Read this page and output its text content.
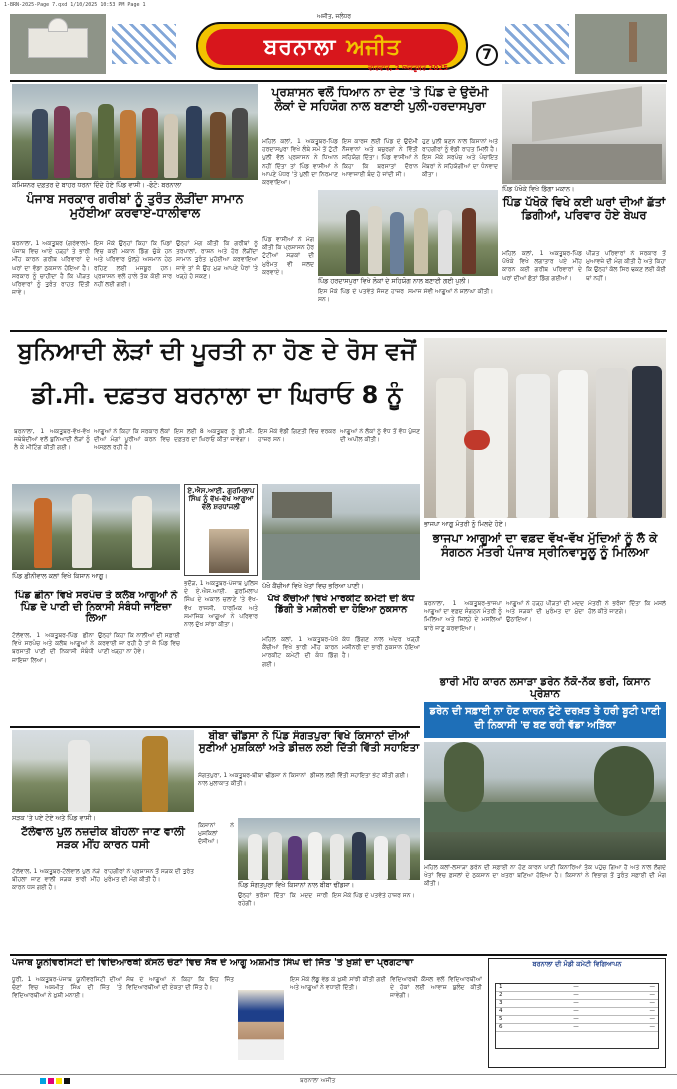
1-BRN-2025-Page 7.qxd 1/10/2025 10:53 PM Page 1
ਅਜੀਤ, ਜਲੰਧਰ
ਬਰਨਾਲਾ ਅਜੀਤ
ਵੀਰਵਾਰ, 2 ਅਕਤੂਬਰ 2025
7
ਕਮਿਸ਼ਨਰ ਦਫ਼ਤਰ ਦੇ ਬਾਹਰ ਧਰਨਾ ਦਿੰਦੇ ਹੋਏ ਪਿੰਡ ਵਾਸੀ। -ਫੋਟੋ: ਬਰਨਾਲਾ
ਪੰਜਾਬ ਸਰਕਾਰ ਗਰੀਬਾਂ ਨੂੰ ਤੁਰੰਤ ਲੋੜੀਂਦਾ ਸਾਮਾਨ ਮੁਹੱਈਆ ਕਰਵਾਏ-ਧਾਲੀਵਾਲ
ਬਰਨਾਲਾ, 1 ਅਕਤੂਬਰ (ਗਰੇਵਾਲ)-ਪੰਜਾਬ ਵਿਚ ਆਏ ਹੜ੍ਹਾਂ ਤੇ ਭਾਰੀ ਮੀਂਹ ਕਾਰਨ ਗਰੀਬ ਪਰਿਵਾਰਾਂ ਦੇ ਘਰਾਂ ਦਾ ਵੱਡਾ ਨੁਕਸਾਨ ਹੋਇਆ ਹੈ। ਸਰਕਾਰ ਨੂੰ ਚਾਹੀਦਾ ਹੈ ਕਿ ਪੀੜਤ ਪਰਿਵਾਰਾਂ ਨੂੰ ਤੁਰੰਤ ਰਾਹਤ ਦਿੱਤੀ ਜਾਵੇ।
ਇਸ ਮੌਕੇ ਉਨ੍ਹਾਂ ਕਿਹਾ ਕਿ ਪਿੰਡਾਂ ਵਿਚ ਕਈ ਮਕਾਨ ਡਿੱਗ ਚੁੱਕੇ ਹਨ ਅਤੇ ਪਰਿਵਾਰ ਖੁੱਲ੍ਹੇ ਅਸਮਾਨ ਹੇਠ ਰਹਿਣ ਲਈ ਮਜਬੂਰ ਹਨ। ਪ੍ਰਸ਼ਾਸਨ ਵਲੋਂ ਹਾਲੇ ਤੱਕ ਕੋਈ ਸਾਰ ਨਹੀਂ ਲਈ ਗਈ।
ਉਨ੍ਹਾਂ ਮੰਗ ਕੀਤੀ ਕਿ ਗਰੀਬਾਂ ਨੂੰ ਤਰਪਾਲਾਂ, ਰਾਸ਼ਨ ਅਤੇ ਹੋਰ ਲੋੜੀਂਦਾ ਸਾਮਾਨ ਤੁਰੰਤ ਮੁਹੱਈਆ ਕਰਵਾਇਆ ਜਾਵੇ ਤਾਂ ਜੋ ਉਹ ਮੁੜ ਆਪਣੇ ਪੈਰਾਂ 'ਤੇ ਖੜ੍ਹੇ ਹੋ ਸਕਣ।
ਪ੍ਰਸ਼ਾਸਨ ਵਲੋਂ ਧਿਆਨ ਨਾ ਦੇਣ 'ਤੇ ਪਿੰਡ ਦੇ ਉਦੱਮੀ ਲੋਕਾਂ ਦੇ ਸਹਿਯੋਗ ਨਾਲ ਬਣਾਈ ਪੁਲੀ-ਹਰਦਾਸਪੁਰਾ
ਮਹਿਲ ਕਲਾਂ, 1 ਅਕਤੂਬਰ-ਪਿੰਡ ਹਰਦਾਸਪੁਰਾ ਵਿਖੇ ਲੰਬੇ ਸਮੇਂ ਤੋਂ ਟੁੱਟੀ ਪੁਲੀ ਵੱਲ ਪ੍ਰਸ਼ਾਸਨ ਨੇ ਧਿਆਨ ਨਹੀਂ ਦਿੱਤਾ ਤਾਂ ਪਿੰਡ ਵਾਸੀਆਂ ਨੇ ਆਪਣੇ ਪੱਧਰ 'ਤੇ ਪੁਲੀ ਦਾ ਨਿਰਮਾਣ ਕਰਵਾਇਆ।
ਇਸ ਕਾਰਜ ਲਈ ਪਿੰਡ ਦੇ ਉਦੱਮੀ ਨੌਜਵਾਨਾਂ ਅਤੇ ਬਜ਼ੁਰਗਾਂ ਨੇ ਵਿੱਤੀ ਸਹਿਯੋਗ ਦਿੱਤਾ। ਪਿੰਡ ਵਾਸੀਆਂ ਨੇ ਕਿਹਾ ਕਿ ਬਰਸਾਤਾਂ ਦੌਰਾਨ ਆਵਾਜਾਈ ਬੰਦ ਹੋ ਜਾਂਦੀ ਸੀ।
ਹੁਣ ਪੁਲੀ ਬਣਨ ਨਾਲ ਕਿਸਾਨਾਂ ਅਤੇ ਰਾਹਗੀਰਾਂ ਨੂੰ ਵੱਡੀ ਰਾਹਤ ਮਿਲੀ ਹੈ। ਇਸ ਮੌਕੇ ਸਰਪੰਚ ਅਤੇ ਪੰਚਾਇਤ ਮੈਂਬਰਾਂ ਨੇ ਸਹਿਯੋਗੀਆਂ ਦਾ ਧੰਨਵਾਦ ਕੀਤਾ।
ਪਿੰਡ ਹਰਦਾਸਪੁਰਾ ਵਿਖੇ ਲੋਕਾਂ ਦੇ ਸਹਿਯੋਗ ਨਾਲ ਬਣਾਈ ਗਈ ਪੁਲੀ।
ਪਿੰਡ ਵਾਸੀਆਂ ਨੇ ਮੰਗ ਕੀਤੀ ਕਿ ਪ੍ਰਸ਼ਾਸਨ ਹੋਰ ਟੁੱਟੀਆਂ ਸੜਕਾਂ ਦੀ ਮੁਰੰਮਤ ਵੀ ਜਲਦ ਕਰਵਾਏ।
ਇਸ ਮੌਕੇ ਪਿੰਡ ਦੇ ਪਤਵੰਤੇ ਸੱਜਣ ਹਾਜ਼ਰ ਸਨ।
ਸਮਾਜ ਸੇਵੀ ਆਗੂਆਂ ਨੇ ਸ਼ਲਾਘਾ ਕੀਤੀ।
ਪਿੰਡ ਪੱਖੋਕੇ ਵਿਖੇ ਡਿੱਗਾ ਮਕਾਨ।
ਪਿੰਡ ਪੱਖੋਕੇ ਵਿਖੇ ਕਈ ਘਰਾਂ ਦੀਆਂ ਛੱਤਾਂ ਡਿਗੀਆਂ, ਪਰਿਵਾਰ ਹੋਏ ਬੇਘਰ
ਮਹਿਲ ਕਲਾਂ, 1 ਅਕਤੂਬਰ-ਪਿੰਡ ਪੱਖੋਕੇ ਵਿਖੇ ਲਗਾਤਾਰ ਪਏ ਮੀਂਹ ਕਾਰਨ ਕਈ ਗਰੀਬ ਪਰਿਵਾਰਾਂ ਦੇ ਘਰਾਂ ਦੀਆਂ ਛੱਤਾਂ ਡਿੱਗ ਗਈਆਂ।
ਪੀੜਤ ਪਰਿਵਾਰਾਂ ਨੇ ਸਰਕਾਰ ਤੋਂ ਮੁਆਵਜ਼ੇ ਦੀ ਮੰਗ ਕੀਤੀ ਹੈ ਅਤੇ ਕਿਹਾ ਕਿ ਉਨ੍ਹਾਂ ਕੋਲ ਸਿਰ ਢਕਣ ਲਈ ਕੋਈ ਥਾਂ ਨਹੀਂ।
ਬੁਨਿਆਦੀ ਲੋੜਾਂ ਦੀ ਪੂਰਤੀ ਨਾ ਹੋਣ ਦੇ ਰੋਸ ਵਜੋਂ
ਡੀ.ਸੀ. ਦਫ਼ਤਰ ਬਰਨਾਲਾ ਦਾ ਘਿਰਾਓ 8 ਨੂੰ
ਬਰਨਾਲਾ, 1 ਅਕਤੂਬਰ-ਵੱਖ-ਵੱਖ ਜਥੇਬੰਦੀਆਂ ਵਲੋਂ ਬੁਨਿਆਦੀ ਲੋੜਾਂ ਨੂੰ ਲੈ ਕੇ ਮੀਟਿੰਗ ਕੀਤੀ ਗਈ।
ਆਗੂਆਂ ਨੇ ਕਿਹਾ ਕਿ ਸਰਕਾਰ ਲੋਕਾਂ ਦੀਆਂ ਮੰਗਾਂ ਪੂਰੀਆਂ ਕਰਨ ਵਿਚ ਅਸਫ਼ਲ ਰਹੀ ਹੈ।
ਇਸ ਲਈ 8 ਅਕਤੂਬਰ ਨੂੰ ਡੀ.ਸੀ. ਦਫ਼ਤਰ ਦਾ ਘਿਰਾਓ ਕੀਤਾ ਜਾਵੇਗਾ।
ਇਸ ਮੌਕੇ ਵੱਡੀ ਗਿਣਤੀ ਵਿਚ ਵਰਕਰ ਹਾਜ਼ਰ ਸਨ।
ਆਗੂਆਂ ਨੇ ਲੋਕਾਂ ਨੂੰ ਵੱਧ ਤੋਂ ਵੱਧ ਪੁੱਜਣ ਦੀ ਅਪੀਲ ਕੀਤੀ।
ਭਾਜਪਾ ਆਗੂ ਮੰਤਰੀ ਨੂੰ ਮਿਲਦੇ ਹੋਏ।
ਭਾਜਪਾ ਆਗੂਆਂ ਦਾ ਵਫ਼ਦ ਵੱਖ-ਵੱਖ ਮੁੱਦਿਆਂ ਨੂੰ ਲੈ ਕੇ ਸੰਗਠਨ ਮੰਤਰੀ ਪੰਜਾਬ ਸ੍ਰੀਨਿਵਾਸੂਲੂ ਨੂੰ ਮਿਲਿਆ
ਬਰਨਾਲਾ, 1 ਅਕਤੂਬਰ-ਭਾਜਪਾ ਆਗੂਆਂ ਦਾ ਵਫ਼ਦ ਸੰਗਠਨ ਮੰਤਰੀ ਨੂੰ ਮਿਲਿਆ ਅਤੇ ਜ਼ਿਲ੍ਹੇ ਦੇ ਮਸਲਿਆਂ ਬਾਰੇ ਜਾਣੂ ਕਰਵਾਇਆ।
ਆਗੂਆਂ ਨੇ ਹੜ੍ਹ ਪੀੜਤਾਂ ਦੀ ਮਦਦ ਅਤੇ ਸੜਕਾਂ ਦੀ ਮੁਰੰਮਤ ਦਾ ਮੁੱਦਾ ਉਠਾਇਆ।
ਮੰਤਰੀ ਨੇ ਭਰੋਸਾ ਦਿੱਤਾ ਕਿ ਮਸਲੇ ਹੱਲ ਕੀਤੇ ਜਾਣਗੇ।
ਭਾਰੀ ਮੀਂਹ ਕਾਰਨ ਲਸਾੜਾ ਡਰੇਨ ਨੱਕੋ-ਨੱਕ ਭਰੀ, ਕਿਸਾਨ ਪ੍ਰੇਸ਼ਾਨ
ਡਰੇਨ ਦੀ ਸਫ਼ਾਈ ਨਾ ਹੋਣ ਕਾਰਨ ਟੁੱਟੇ ਦਰਖ਼ਤ ਤੇ ਹਰੀ ਬੂਟੀ ਪਾਣੀ ਦੀ ਨਿਕਾਸੀ 'ਚ ਬਣ ਰਹੀ ਵੱਡਾ ਅੜਿੱਕਾ
ਮਹਿਲ ਕਲਾਂ-ਲਸਾੜਾ ਡਰੇਨ ਦੀ ਸਫ਼ਾਈ ਨਾ ਹੋਣ ਕਾਰਨ ਪਾਣੀ ਕਿਨਾਰਿਆਂ ਤੱਕ ਪਹੁੰਚ ਗਿਆ ਹੈ ਅਤੇ ਨਾਲ ਲੱਗਦੇ ਖੇਤਾਂ ਵਿਚ ਫ਼ਸਲਾਂ ਦੇ ਨੁਕਸਾਨ ਦਾ ਖ਼ਤਰਾ ਬਣਿਆ ਹੋਇਆ ਹੈ। ਕਿਸਾਨਾਂ ਨੇ ਵਿਭਾਗ ਤੋਂ ਤੁਰੰਤ ਸਫ਼ਾਈ ਦੀ ਮੰਗ ਕੀਤੀ।
ਪਿੰਡ ਛੀਨੀਵਾਲ ਕਲਾਂ ਵਿਖੇ ਕਿਸਾਨ ਆਗੂ।
ਪਿੰਡ ਛੀਨਾ ਵਿਖੇ ਸਰਪੰਚ ਤੇ ਕਲੱਬ ਆਗੂਆਂ ਨੇ ਪਿੰਡ ਦੇ ਪਾਣੀ ਦੀ ਨਿਕਾਸੀ ਸੰਬੰਧੀ ਜਾਇਜ਼ਾ ਲਿਆ
ਟੱਲੇਵਾਲ, 1 ਅਕਤੂਬਰ-ਪਿੰਡ ਛੀਨਾ ਵਿਖੇ ਸਰਪੰਚ ਅਤੇ ਕਲੱਬ ਆਗੂਆਂ ਨੇ ਬਰਸਾਤੀ ਪਾਣੀ ਦੀ ਨਿਕਾਸੀ ਸੰਬੰਧੀ ਜਾਇਜ਼ਾ ਲਿਆ।
ਉਨ੍ਹਾਂ ਕਿਹਾ ਕਿ ਨਾਲੀਆਂ ਦੀ ਸਫ਼ਾਈ ਕਰਵਾਈ ਜਾ ਰਹੀ ਹੈ ਤਾਂ ਜੋ ਪਿੰਡ ਵਿਚ ਪਾਣੀ ਖੜ੍ਹਾ ਨਾ ਹੋਵੇ।
ਏ.ਐਸ.ਆਈ. ਗੁਰਮਿਲਾਪ ਸਿੰਘ ਨੂੰ ਵੱਖ-ਵੱਖ ਆਗੂਆਂ ਵੱਲੋਂ ਸ਼ਰਧਾਂਜਲੀ
ਭਦੌੜ, 1 ਅਕਤੂਬਰ-ਪੰਜਾਬ ਪੁਲਿਸ ਦੇ ਏ.ਐਸ.ਆਈ. ਗੁਰਮਿਲਾਪ ਸਿੰਘ ਦੇ ਅਕਾਲ ਚਲਾਣੇ 'ਤੇ ਵੱਖ-ਵੱਖ ਰਾਜਸੀ, ਧਾਰਮਿਕ ਅਤੇ ਸਮਾਜਿਕ ਆਗੂਆਂ ਨੇ ਪਰਿਵਾਰ ਨਾਲ ਦੁੱਖ ਸਾਂਝਾ ਕੀਤਾ।
ਪੱਖੋ ਕੈਂਚੀਆਂ ਵਿਖੇ ਖੇਤਾਂ ਵਿਚ ਭਰਿਆ ਪਾਣੀ।
ਪੱਖੋ ਕੈਂਚੀਆਂ ਵਿਖੇ ਮਾਰਕੀਟ ਕਮੇਟੀ ਦੀ ਕੰਧ ਡਿੱਗੀ ਤੇ ਮਸ਼ੀਨਰੀ ਦਾ ਹੋਇਆ ਨੁਕਸਾਨ
ਮਹਿਲ ਕਲਾਂ, 1 ਅਕਤੂਬਰ-ਪੱਖੋ ਕੈਂਚੀਆਂ ਵਿਖੇ ਭਾਰੀ ਮੀਂਹ ਕਾਰਨ ਮਾਰਕੀਟ ਕਮੇਟੀ ਦੀ ਕੰਧ ਡਿੱਗ ਗਈ।
ਕੰਧ ਡਿੱਗਣ ਨਾਲ ਅੰਦਰ ਖੜ੍ਹੀ ਮਸ਼ੀਨਰੀ ਦਾ ਭਾਰੀ ਨੁਕਸਾਨ ਹੋਇਆ ਹੈ।
ਸੜਕ 'ਤੇ ਪਏ ਟੋਏ ਅਤੇ ਪਿੰਡ ਵਾਸੀ।
ਟੱਲੇਵਾਲ ਪੁਲ ਨਜ਼ਦੀਕ ਬੀਹਲਾ ਜਾਣ ਵਾਲੀ ਸੜਕ ਮੀਂਹ ਕਾਰਨ ਧਸੀ
ਟੱਲੇਵਾਲ, 1 ਅਕਤੂਬਰ-ਟੱਲੇਵਾਲ ਪੁਲ ਨੇੜੇ ਬੀਹਲਾ ਜਾਣ ਵਾਲੀ ਸੜਕ ਭਾਰੀ ਮੀਂਹ ਕਾਰਨ ਧਸ ਗਈ ਹੈ।
ਰਾਹਗੀਰਾਂ ਨੇ ਪ੍ਰਸ਼ਾਸਨ ਤੋਂ ਸੜਕ ਦੀ ਤੁਰੰਤ ਮੁਰੰਮਤ ਦੀ ਮੰਗ ਕੀਤੀ ਹੈ।
ਬੀਬਾ ਢੀਂਡਸਾ ਨੇ ਪਿੰਡ ਸੰਗਤਪੁਰਾ ਵਿਖੇ ਕਿਸਾਨਾਂ ਦੀਆਂ ਸੁਣੀਆਂ ਮੁਸ਼ਕਿਲਾਂ ਅਤੇ ਡੀਜ਼ਲ ਲਈ ਦਿੱਤੀ ਵਿੱਤੀ ਸਹਾਇਤਾ
ਸੰਗਤਪੁਰਾ, 1 ਅਕਤੂਬਰ-ਬੀਬਾ ਢੀਂਡਸਾ ਨੇ ਕਿਸਾਨਾਂ ਨਾਲ ਮੁਲਾਕਾਤ ਕੀਤੀ।
ਡੀਜ਼ਲ ਲਈ ਵਿੱਤੀ ਸਹਾਇਤਾ ਭੇਟ ਕੀਤੀ ਗਈ।
ਪਿੰਡ ਸੰਗਤਪੁਰਾ ਵਿਖੇ ਕਿਸਾਨਾਂ ਨਾਲ ਬੀਬਾ ਢੀਂਡਸਾ।
ਕਿਸਾਨਾਂ ਨੇ ਮੁਸ਼ਕਿਲਾਂ ਦੱਸੀਆਂ।
ਉਨ੍ਹਾਂ ਭਰੋਸਾ ਦਿੱਤਾ ਕਿ ਮਦਦ ਜਾਰੀ ਰਹੇਗੀ।
ਇਸ ਮੌਕੇ ਪਿੰਡ ਦੇ ਪਤਵੰਤੇ ਹਾਜ਼ਰ ਸਨ।
ਪੰਜਾਬ ਯੂਨੀਵਰਸਿਟੀ ਦੀ ਵਿਦਿਆਰਥੀ ਕੌਂਸਲ ਚੋਣਾਂ ਵਿਚ ਸੱਥ ਦੇ ਆਗੂ ਅਸ਼ਮੀਤ ਸਿੰਘ ਦੀ ਜਿੱਤ 'ਤੇ ਖ਼ੁਸ਼ੀ ਦਾ ਪ੍ਰਗਟਾਵਾ
ਧੂਰੀ, 1 ਅਕਤੂਬਰ-ਪੰਜਾਬ ਯੂਨੀਵਰਸਿਟੀ ਦੀਆਂ ਚੋਣਾਂ ਵਿਚ ਅਸ਼ਮੀਤ ਸਿੰਘ ਦੀ ਜਿੱਤ 'ਤੇ ਵਿਦਿਆਰਥੀਆਂ ਨੇ ਖ਼ੁਸ਼ੀ ਮਨਾਈ।
ਸੱਥ ਦੇ ਆਗੂਆਂ ਨੇ ਕਿਹਾ ਕਿ ਇਹ ਜਿੱਤ ਵਿਦਿਆਰਥੀਆਂ ਦੀ ਏਕਤਾ ਦੀ ਜਿੱਤ ਹੈ।
ਇਸ ਮੌਕੇ ਲੱਡੂ ਵੰਡ ਕੇ ਖ਼ੁਸ਼ੀ ਸਾਂਝੀ ਕੀਤੀ ਗਈ ਅਤੇ ਆਗੂਆਂ ਨੇ ਵਧਾਈ ਦਿੱਤੀ।
ਵਿਦਿਆਰਥੀ ਕੌਂਸਲ ਵਲੋਂ ਵਿਦਿਆਰਥੀਆਂ ਦੇ ਹੱਕਾਂ ਲਈ ਆਵਾਜ਼ ਬੁਲੰਦ ਕੀਤੀ ਜਾਵੇਗੀ।
ਬਰਨਾਲਾ ਦੀ ਮੰਡੀ ਕਮੇਟੀ ਵਿਗਿਆਪਨ
1	—	—
2	—	—
3	—	—
4	—	—
5	—	—
6	—	—
ਬਰਨਾਲਾ ਅਜੀਤ
